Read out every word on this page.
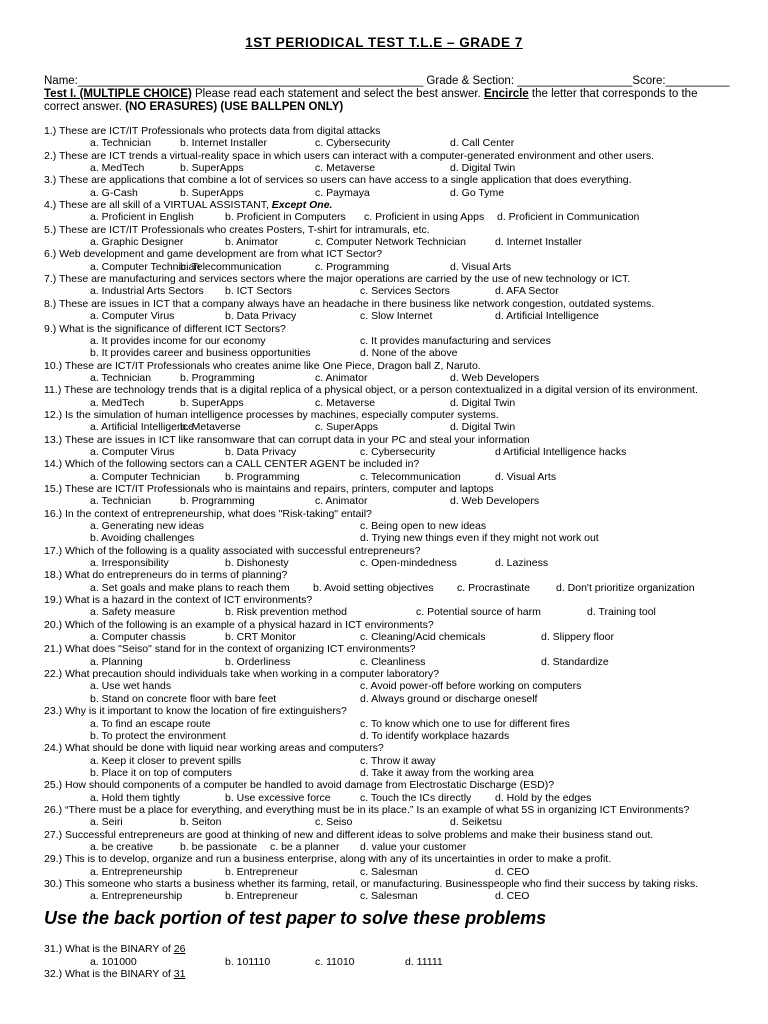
1ST PERIODICAL TEST T.L.E – GRADE 7
Name:______________________________________________________ Grade & Section: __________________Score:__________
Test I. (MULTIPLE CHOICE) Please read each statement and select the best answer. Encircle the letter that corresponds to the correct answer. (NO ERASURES) (USE BALLPEN ONLY)
1.) These are ICT/IT Professionals who protects data from digital attacks
a. Technician	b. Internet Installer	c. Cybersecurity	d. Call Center
2.) These are ICT trends a virtual-reality space in which users can interact with a computer-generated environment and other users.
a. MedTech	b. SuperApps	c. Metaverse	d. Digital Twin
3.) These are applications that combine a lot of services so users can have access to a single application that does everything.
a. G-Cash	b. SuperApps	c. Paymaya	d. Go Tyme
4.) These are all skill of a VIRTUAL ASSISTANT, Except One.
a. Proficient in English	b. Proficient in Computers c. Proficient in using Apps d. Proficient in Communication
5.) These are ICT/IT Professionals who creates Posters, T-shirt for intramurals, etc.
a. Graphic Designer	b. Animator	c. Computer Network Technician	d. Internet Installer
6.) Web development and game development are from what ICT Sector?
a. Computer Technician
b. Telecommunication	c. Programming	d. Visual Arts
7.) These are manufacturing and services sectors where the major operations are carried by the use of new technology or ICT.
a. Industrial Arts Sectors b. ICT Sectors	c. Services Sectors	d. AFA Sector
8.) These are issues in ICT that a company always have an headache in there business like network congestion, outdated systems.
a. Computer Virus	b. Data Privacy	c. Slow Internet	d. Artificial Intelligence
9.) What is the significance of different ICT Sectors?
a. It provides income for our economy	c. It provides manufacturing and services
b. It provides career and business opportunities	d. None of the above
10.) These are ICT/IT Professionals who creates anime like One Piece, Dragon ball Z, Naruto.
a. Technician	b. Programming	c. Animator	d. Web Developers
11.) These are technology trends that is a digital replica of a physical object, or a person contextualized in a digital version of its environment.
a. MedTech	b. SuperApps	c. Metaverse	d. Digital Twin
12.) Is the simulation of human intelligence processes by machines, especially computer systems.
a. Artificial Intelligence
b. Metaverse	c. SuperApps	d. Digital Twin
13.) These are issues in ICT like ransomware that can corrupt data in your PC and steal your information
a. Computer Virus	b. Data Privacy	c. Cybersecurity	d Artificial Intelligence hacks
14.) Which of the following sectors can a CALL CENTER AGENT be included in?
a. Computer Technician b. Programming	c. Telecommunication	d. Visual Arts
15.) These are ICT/IT Professionals who is maintains and repairs, printers, computer and laptops
a. Technician	b. Programming	c. Animator	d. Web Developers
16.) In the context of entrepreneurship, what does "Risk-taking" entail?
a. Generating new ideas	c. Being open to new ideas
b. Avoiding challenges	d. Trying new things even if they might not work out
17.) Which of the following is a quality associated with successful entrepreneurs?
a. Irresponsibility	b. Dishonesty	c. Open-mindedness	d. Laziness
18.) What do entrepreneurs do in terms of planning?
a. Set goals and make plans to reach them b. Avoid setting objectives c. Procrastinate d. Don't prioritize organization
19.) What is a hazard in the context of ICT environments?
a. Safety measure	b. Risk prevention method	c. Potential source of harm	d. Training tool
20.) Which of the following is an example of a physical hazard in ICT environments?
a. Computer chassis	b. CRT Monitor	c. Cleaning/Acid chemicals	d. Slippery floor
21.) What does "Seiso" stand for in the context of organizing ICT environments?
a. Planning	b. Orderliness	c. Cleanliness	d. Standardize
22.) What precaution should individuals take when working in a computer laboratory?
a. Use wet hands	c. Avoid power-off before working on computers
b. Stand on concrete floor with bare feet	d. Always ground or discharge oneself
23.) Why is it important to know the location of fire extinguishers?
a. To find an escape route	c. To know which one to use for different fires
b. To protect the environment	d. To identify workplace hazards
24.) What should be done with liquid near working areas and computers?
a. Keep it closer to prevent spills	c. Throw it away
b. Place it on top of computers	d. Take it away from the working area
25.) How should components of a computer be handled to avoid damage from Electrostatic Discharge (ESD)?
a. Hold them tightly	b. Use excessive force	c. Touch the ICs directly d. Hold by the edges
26.) “There must be a place for everything, and everything must be in its place.” Is an example of what 5S in organizing ICT Environments?
a. Seiri	b. Seiton	c. Seiso	d. Seiketsu
27.) Successful entrepreneurs are good at thinking of new and different ideas to solve problems and make their business stand out.
a. be creative	b. be passionate c. be a planner d. value your customer
29.) This is to develop, organize and run a business enterprise, along with any of its uncertainties in order to make a profit.
a. Entrepreneurship	b. Entrepreneur	c. Salesman	d. CEO
30.) This someone who starts a business whether its farming, retail, or manufacturing. Businesspeople who find their success by taking risks.
a. Entrepreneurship	b. Entrepreneur	c. Salesman	d. CEO
Use the back portion of test paper to solve these problems
31.) What is the BINARY of 26
a. 101000	b. 101110	c. 11010	d. 11111
32.) What is the BINARY of 31
